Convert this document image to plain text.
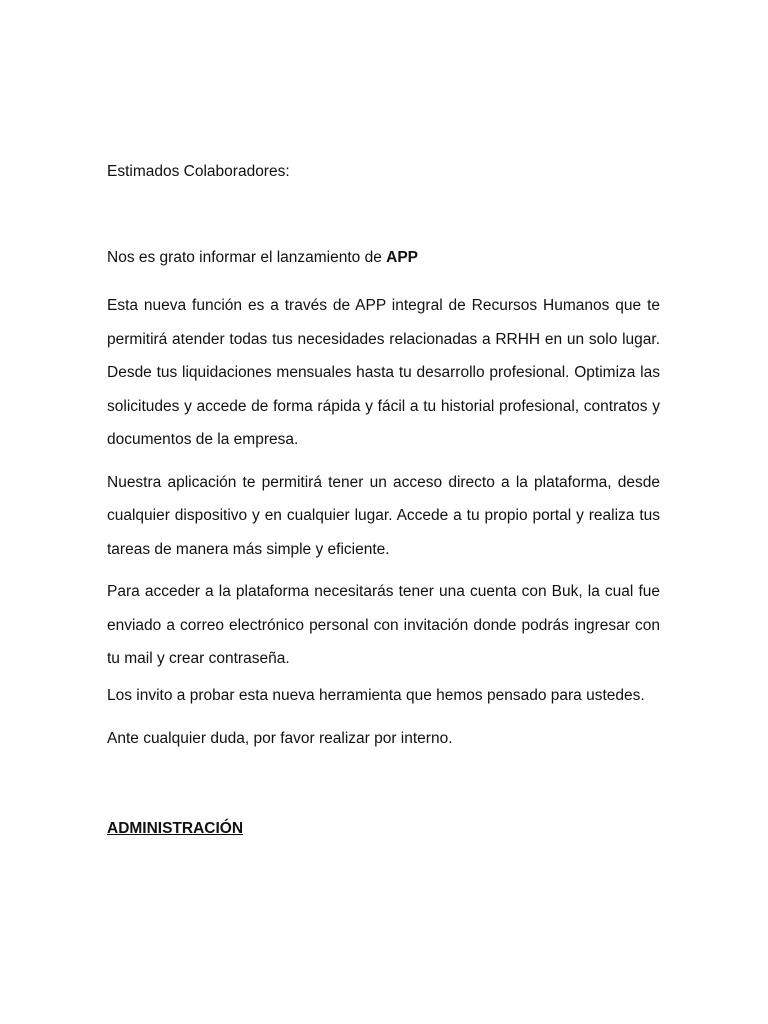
Estimados Colaboradores:

Nos es grato informar el lanzamiento de APP

Esta nueva función es a través de APP integral de Recursos Humanos que te permitirá atender todas tus necesidades relacionadas a RRHH en un solo lugar. Desde tus liquidaciones mensuales hasta tu desarrollo profesional. Optimiza las solicitudes y accede de forma rápida y fácil a tu historial profesional, contratos y documentos de la empresa.

Nuestra aplicación te permitirá tener un acceso directo a la plataforma, desde cualquier dispositivo y en cualquier lugar. Accede a tu propio portal y realiza tus tareas de manera más simple y eficiente.

Para acceder a la plataforma necesitarás tener una cuenta con Buk, la cual fue enviado a correo electrónico personal con invitación donde podrás ingresar con tu mail y crear contraseña.

Los invito a probar esta nueva herramienta que hemos pensado para ustedes.

Ante cualquier duda, por favor realizar por interno.

ADMINISTRACIÓN
